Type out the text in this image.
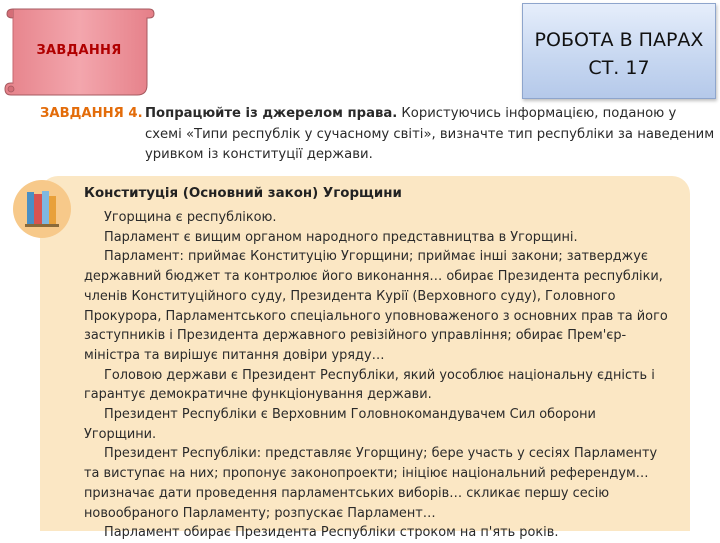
ЗАВДАННЯ	РОБОТА В ПАРАХ
СТ. 17
ЗАВДАННЯ 4. Попрацюйте із джерелом права. Користуючись інформацією, поданою у схемі «Типи республік у сучасному світі», визначте тип республіки за наведеним уривком із конституції держави.
Конституція (Основний закон) Угорщини

Угорщина є республікою.

Парламент є вищим органом народного представництва в Угорщині.

Парламент: приймає Конституцію Угорщини; приймає інші закони; затверджує державний бюджет та контролює його виконання… обирає Президента республіки, членів Конституційного суду, Президента Курії (Верховного суду), Головного Прокурора, Парламентського спеціального уповноваженого з основних прав та його заступників і Президента державного ревізійного управління; обирає Прем'єр-міністра та вирішує питання довіри уряду…

Головою держави є Президент Республіки, який уособлює національну єдність і гарантує демократичне функціонування держави.

Президент Республіки є Верховним Головнокомандувачем Сил оборони Угорщини.

Президент Республіки: представляє Угорщину; бере участь у сесіях Парламенту та виступає на них; пропонує законопроекти; ініціює національний референдум… призначає дати проведення парламентських виборів… скликає першу сесію новообраного Парламенту; розпускає Парламент…

Парламент обирає Президента Республіки строком на п'ять років.
